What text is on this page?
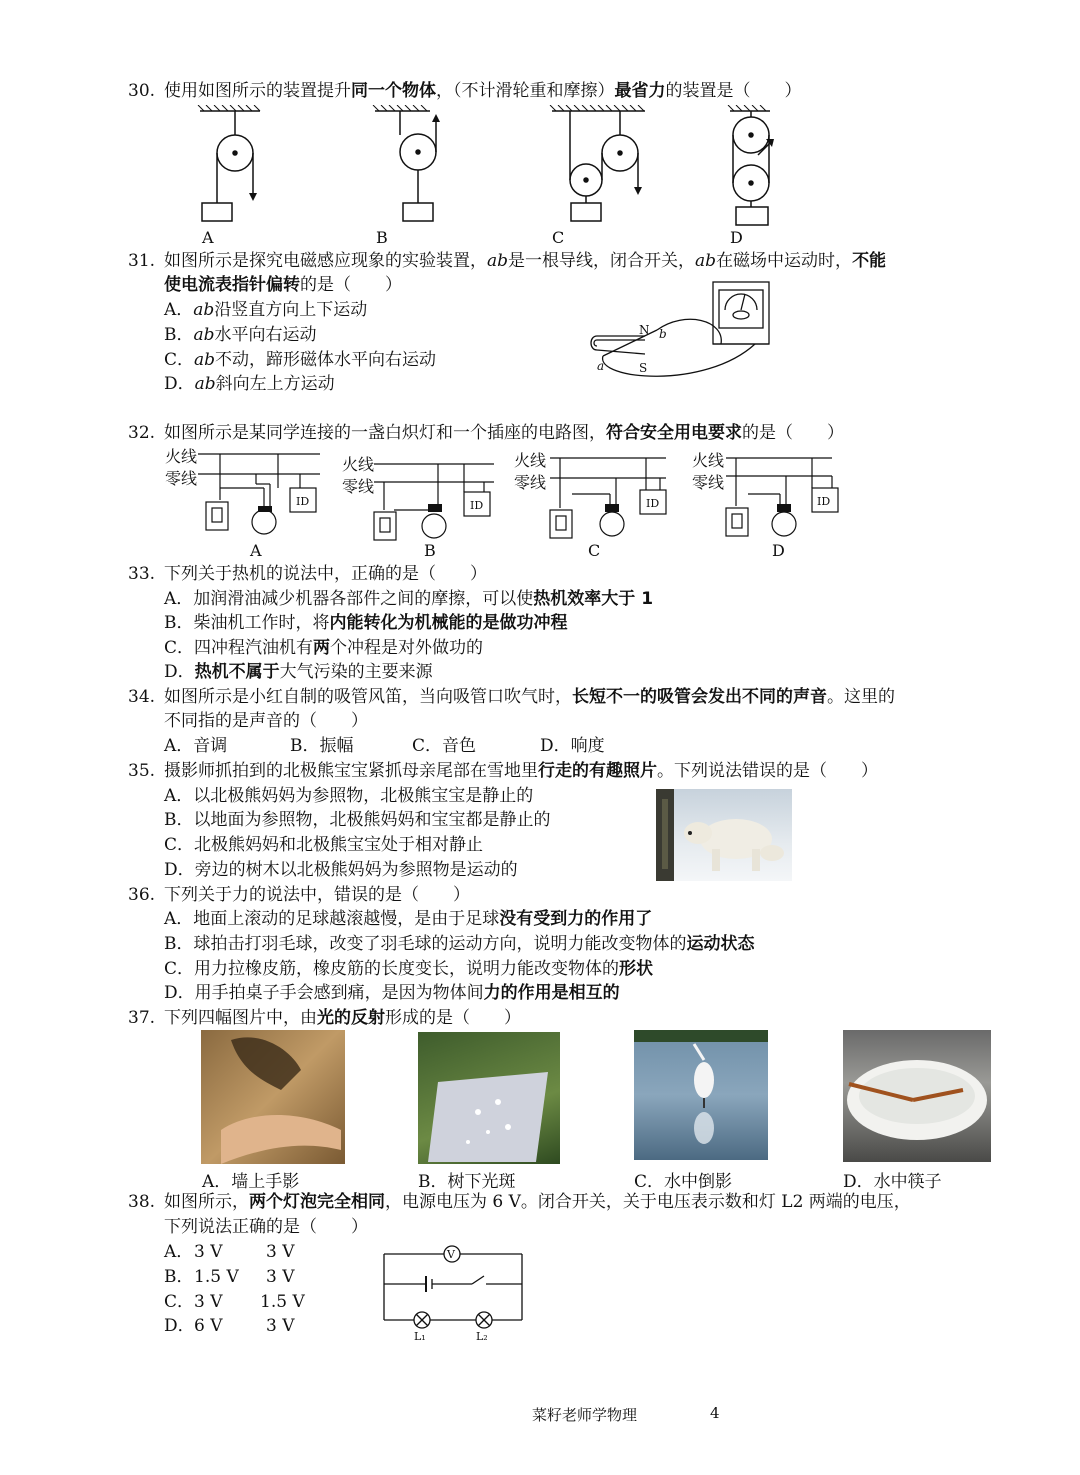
30. 使用如图所示的装置提升同一个物体，（不计滑轮重和摩擦）最省力的装置是（　　）
A	B	C	D
31. 如图所示是探究电磁感应现象的实验装置，ab是一根导线，闭合开关，ab在磁场中运动时，不能
使电流表指针偏转的是（　　）
A．ab沿竖直方向上下运动
B．ab水平向右运动
C．ab不动，蹄形磁体水平向右运动
D．ab斜向左上方运动
N
S
a
b
32. 如图所示是某同学连接的一盏白炽灯和一个插座的电路图，符合安全用电要求的是（　　）
ID
火线
零线
A
ID
火线
零线
B
ID
火线
零线
C
ID
火线
零线
D
33. 下列关于热机的说法中，正确的是（　　）
A．加润滑油减少机器各部件之间的摩擦，可以使热机效率大于 1
B．柴油机工作时，将内能转化为机械能的是做功冲程
C．四冲程汽油机有两个冲程是对外做功的
D．热机不属于大气污染的主要来源
34. 如图所示是小红自制的吸管风笛，当向吸管口吹气时，长短不一的吸管会发出不同的声音。这里的
不同指的是声音的（　　）
A．音调	B．振幅	C．音色	D．响度
35. 摄影师抓拍到的北极熊宝宝紧抓母亲尾部在雪地里行走的有趣照片。下列说法错误的是（　　）
A．以北极熊妈妈为参照物，北极熊宝宝是静止的
B．以地面为参照物，北极熊妈妈和宝宝都是静止的
C．北极熊妈妈和北极熊宝宝处于相对静止
D．旁边的树木以北极熊妈妈为参照物是运动的
36. 下列关于力的说法中，错误的是（　　）
A．地面上滚动的足球越滚越慢，是由于足球没有受到力的作用了
B．球拍击打羽毛球，改变了羽毛球的运动方向，说明力能改变物体的运动状态
C．用力拉橡皮筋，橡皮筋的长度变长，说明力能改变物体的形状
D．用手拍桌子手会感到痛，是因为物体间力的作用是相互的
37. 下列四幅图片中，由光的反射形成的是（　　）
A．墙上手影	B．树下光斑	C．水中倒影	D．水中筷子
38. 如图所示，两个灯泡完全相同，电源电压为 6 V。闭合开关，关于电压表示数和灯 L2 两端的电压，
下列说法正确的是（　　）
A．3 V	3 V
B．1.5 V 3 V
C．3 V 1.5 V
D．6 V	3 V
V
L₁	L₂
菜籽老师学物理	4
